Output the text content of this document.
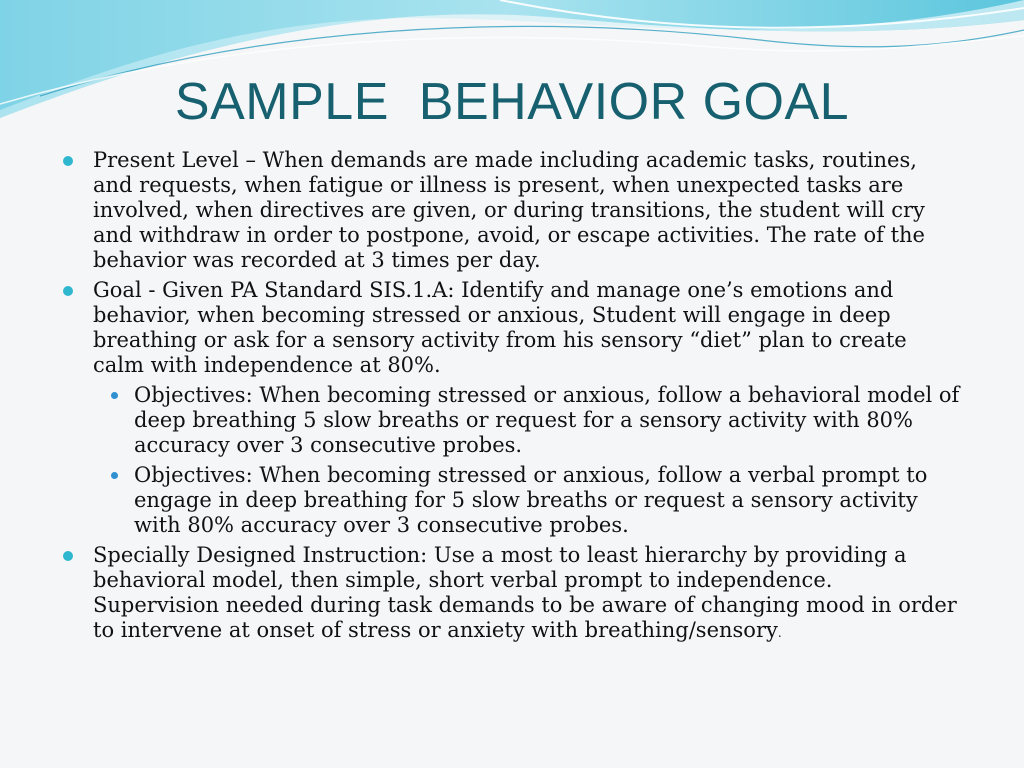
SAMPLE  BEHAVIOR GOAL
Present Level – When demands are made including academic tasks, routines, and requests, when fatigue or illness is present, when unexpected tasks are involved, when directives are given, or during transitions, the student will cry and withdraw in order to postpone, avoid, or escape activities. The rate of the behavior was recorded at 3 times per day.
Goal - Given PA Standard SIS.1.A: Identify and manage one’s emotions and behavior, when becoming stressed or anxious, Student will engage in deep breathing or ask for a sensory activity from his sensory “diet” plan to create calm with independence at 80%.
Objectives: When becoming stressed or anxious, follow a behavioral model of deep breathing 5 slow breaths or request for a sensory activity with 80% accuracy over 3 consecutive probes.
Objectives: When becoming stressed or anxious, follow a verbal prompt to engage in deep breathing for 5 slow breaths or request a sensory activity with 80% accuracy over 3 consecutive probes.
Specially Designed Instruction: Use a most to least hierarchy by providing a behavioral model, then simple, short verbal prompt to independence. Supervision needed during task demands to be aware of changing mood in order to intervene at onset of stress or anxiety with breathing/sensory.
